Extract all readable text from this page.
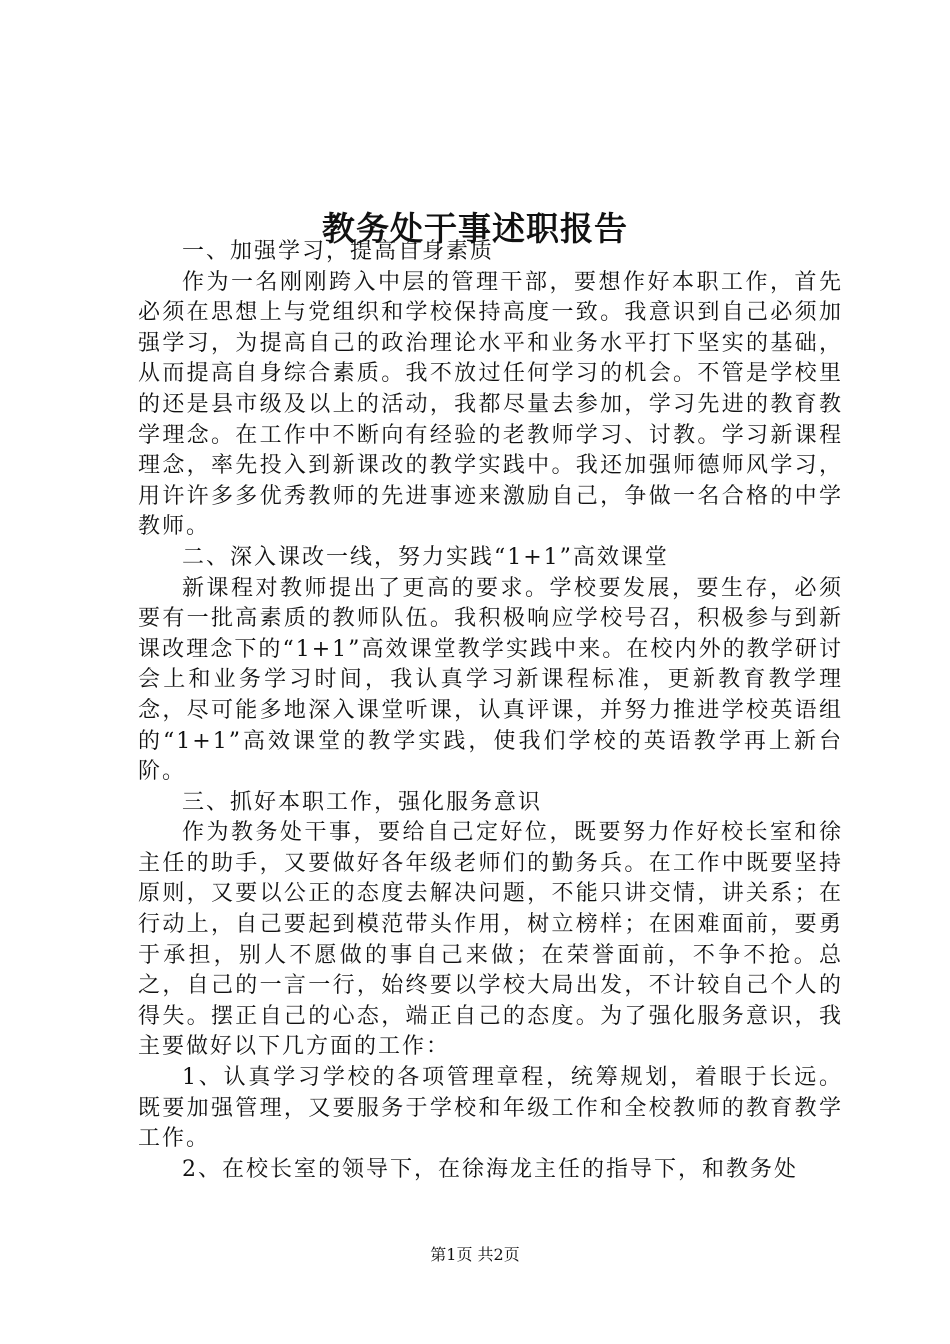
教务处干事述职报告

一、加强学习，提高自身素质

作为一名刚刚跨入中层的管理干部，要想作好本职工作，首先必须在思想上与党组织和学校保持高度一致。我意识到自己必须加强学习，为提高自己的政治理论水平和业务水平打下坚实的基础，从而提高自身综合素质。我不放过任何学习的机会。不管是学校里的还是县市级及以上的活动，我都尽量去参加，学习先进的教育教学理念。在工作中不断向有经验的老教师学习、讨教。学习新课程理念，率先投入到新课改的教学实践中。我还加强师德师风学习，用许许多多优秀教师的先进事迹来激励自己，争做一名合格的中学教师。

二、深入课改一线，努力实践“1+1”高效课堂

新课程对教师提出了更高的要求。学校要发展，要生存，必须要有一批高素质的教师队伍。我积极响应学校号召，积极参与到新课改理念下的“1+1”高效课堂教学实践中来。在校内外的教学研讨会上和业务学习时间，我认真学习新课程标准，更新教育教学理念，尽可能多地深入课堂听课，认真评课，并努力推进学校英语组的“1+1”高效课堂的教学实践，使我们学校的英语教学再上新台阶。

三、抓好本职工作，强化服务意识

作为教务处干事，要给自己定好位，既要努力作好校长室和徐主任的助手，又要做好各年级老师们的勤务兵。在工作中既要坚持原则，又要以公正的态度去解决问题，不能只讲交情，讲关系；在行动上，自己要起到模范带头作用，树立榜样；在困难面前，要勇于承担，别人不愿做的事自己来做；在荣誉面前，不争不抢。总之，自己的一言一行，始终要以学校大局出发，不计较自己个人的得失。摆正自己的心态，端正自己的态度。为了强化服务意识，我主要做好以下几方面的工作：

1、认真学习学校的各项管理章程，统筹规划，着眼于长远。既要加强管理，又要服务于学校和年级工作和全校教师的教育教学工作。

2、在校长室的领导下，在徐海龙主任的指导下，和教务处

第1页 共2页
